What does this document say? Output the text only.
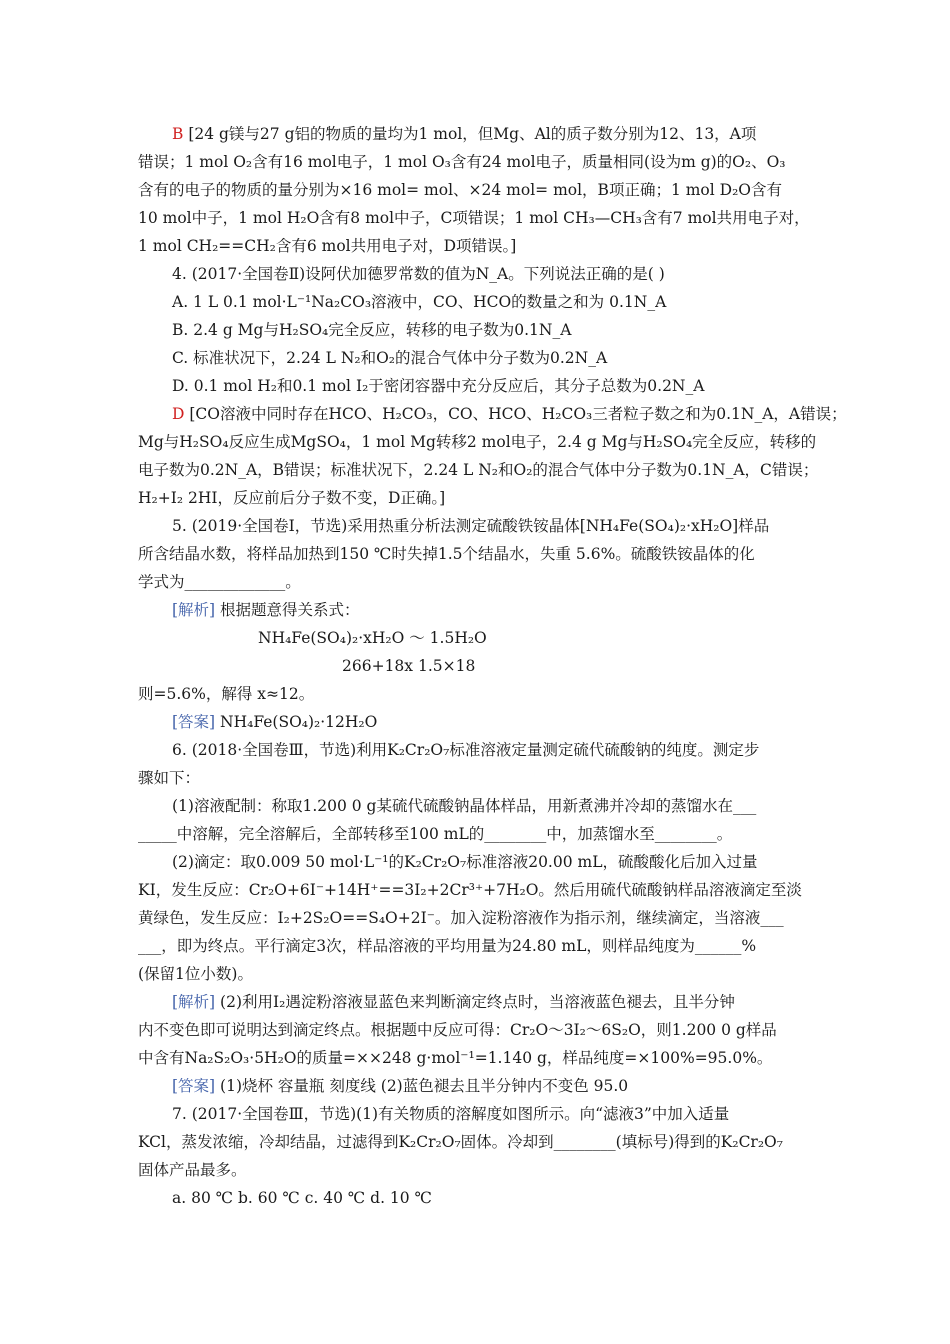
B [24 g镁与27 g铝的物质的量均为1 mol，但Mg、Al的质子数分别为12、13，A项
错误；1 mol O₂含有16 mol电子，1 mol O₃含有24 mol电子，质量相同(设为m g)的O₂、O₃
含有的电子的物质的量分别为×16 mol= mol、×24 mol= mol，B项正确；1 mol D₂O含有
10 mol中子，1 mol H₂O含有8 mol中子，C项错误；1 mol CH₃—CH₃含有7 mol共用电子对，
1 mol CH₂==CH₂含有6 mol共用电子对，D项错误。]
4. (2017·全国卷Ⅱ)设阿伏加德罗常数的值为N_A。下列说法正确的是( )
A. 1 L 0.1 mol·L⁻¹Na₂CO₃溶液中，CO、HCO的数量之和为 0.1N_A
B. 2.4 g Mg与H₂SO₄完全反应，转移的电子数为0.1N_A
C. 标准状况下，2.24 L N₂和O₂的混合气体中分子数为0.2N_A
D. 0.1 mol H₂和0.1 mol I₂于密闭容器中充分反应后，其分子总数为0.2N_A
D [CO溶液中同时存在HCO、H₂CO₃，CO、HCO、H₂CO₃三者粒子数之和为0.1N_A，A错误；
Mg与H₂SO₄反应生成MgSO₄，1 mol Mg转移2 mol电子，2.4 g Mg与H₂SO₄完全反应，转移的
电子数为0.2N_A，B错误；标准状况下，2.24 L N₂和O₂的混合气体中分子数为0.1N_A，C错误；
H₂+I₂ 2HI，反应前后分子数不变，D正确。]
5. (2019·全国卷Ⅰ，节选)采用热重分析法测定硫酸铁铵晶体[NH₄Fe(SO₄)₂·xH₂O]样品
所含结晶水数，将样品加热到150 ℃时失掉1.5个结晶水，失重 5.6%。硫酸铁铵晶体的化
学式为_____________。
[解析] 根据题意得关系式：
NH₄Fe(SO₄)₂·xH₂O ～ 1.5H₂O
266+18x 1.5×18
则=5.6%，解得 x≈12。
[答案] NH₄Fe(SO₄)₂·12H₂O
6. (2018·全国卷Ⅲ，节选)利用K₂Cr₂O₇标准溶液定量测定硫代硫酸钠的纯度。测定步
骤如下：
(1)溶液配制：称取1.200 0 g某硫代硫酸钠晶体样品，用新煮沸并冷却的蒸馏水在___
_____中溶解，完全溶解后，全部转移至100 mL的________中，加蒸馏水至________。
(2)滴定：取0.009 50 mol·L⁻¹的K₂Cr₂O₇标准溶液20.00 mL，硫酸酸化后加入过量
KI，发生反应：Cr₂O+6I⁻+14H⁺==3I₂+2Cr³⁺+7H₂O。然后用硫代硫酸钠样品溶液滴定至淡
黄绿色，发生反应：I₂+2S₂O==S₄O+2I⁻。加入淀粉溶液作为指示剂，继续滴定，当溶液___
___，即为终点。平行滴定3次，样品溶液的平均用量为24.80 mL，则样品纯度为______%
(保留1位小数)。
[解析] (2)利用I₂遇淀粉溶液显蓝色来判断滴定终点时，当溶液蓝色褪去，且半分钟
内不变色即可说明达到滴定终点。根据题中反应可得：Cr₂O～3I₂～6S₂O，则1.200 0 g样品
中含有Na₂S₂O₃·5H₂O的质量=××248 g·mol⁻¹=1.140 g，样品纯度=×100%=95.0%。
[答案] (1)烧杯 容量瓶 刻度线 (2)蓝色褪去且半分钟内不变色 95.0
7. (2017·全国卷Ⅲ，节选)(1)有关物质的溶解度如图所示。向“滤液3”中加入适量
KCl，蒸发浓缩，冷却结晶，过滤得到K₂Cr₂O₇固体。冷却到________(填标号)得到的K₂Cr₂O₇
固体产品最多。
a. 80 ℃ b. 60 ℃ c. 40 ℃ d. 10 ℃
